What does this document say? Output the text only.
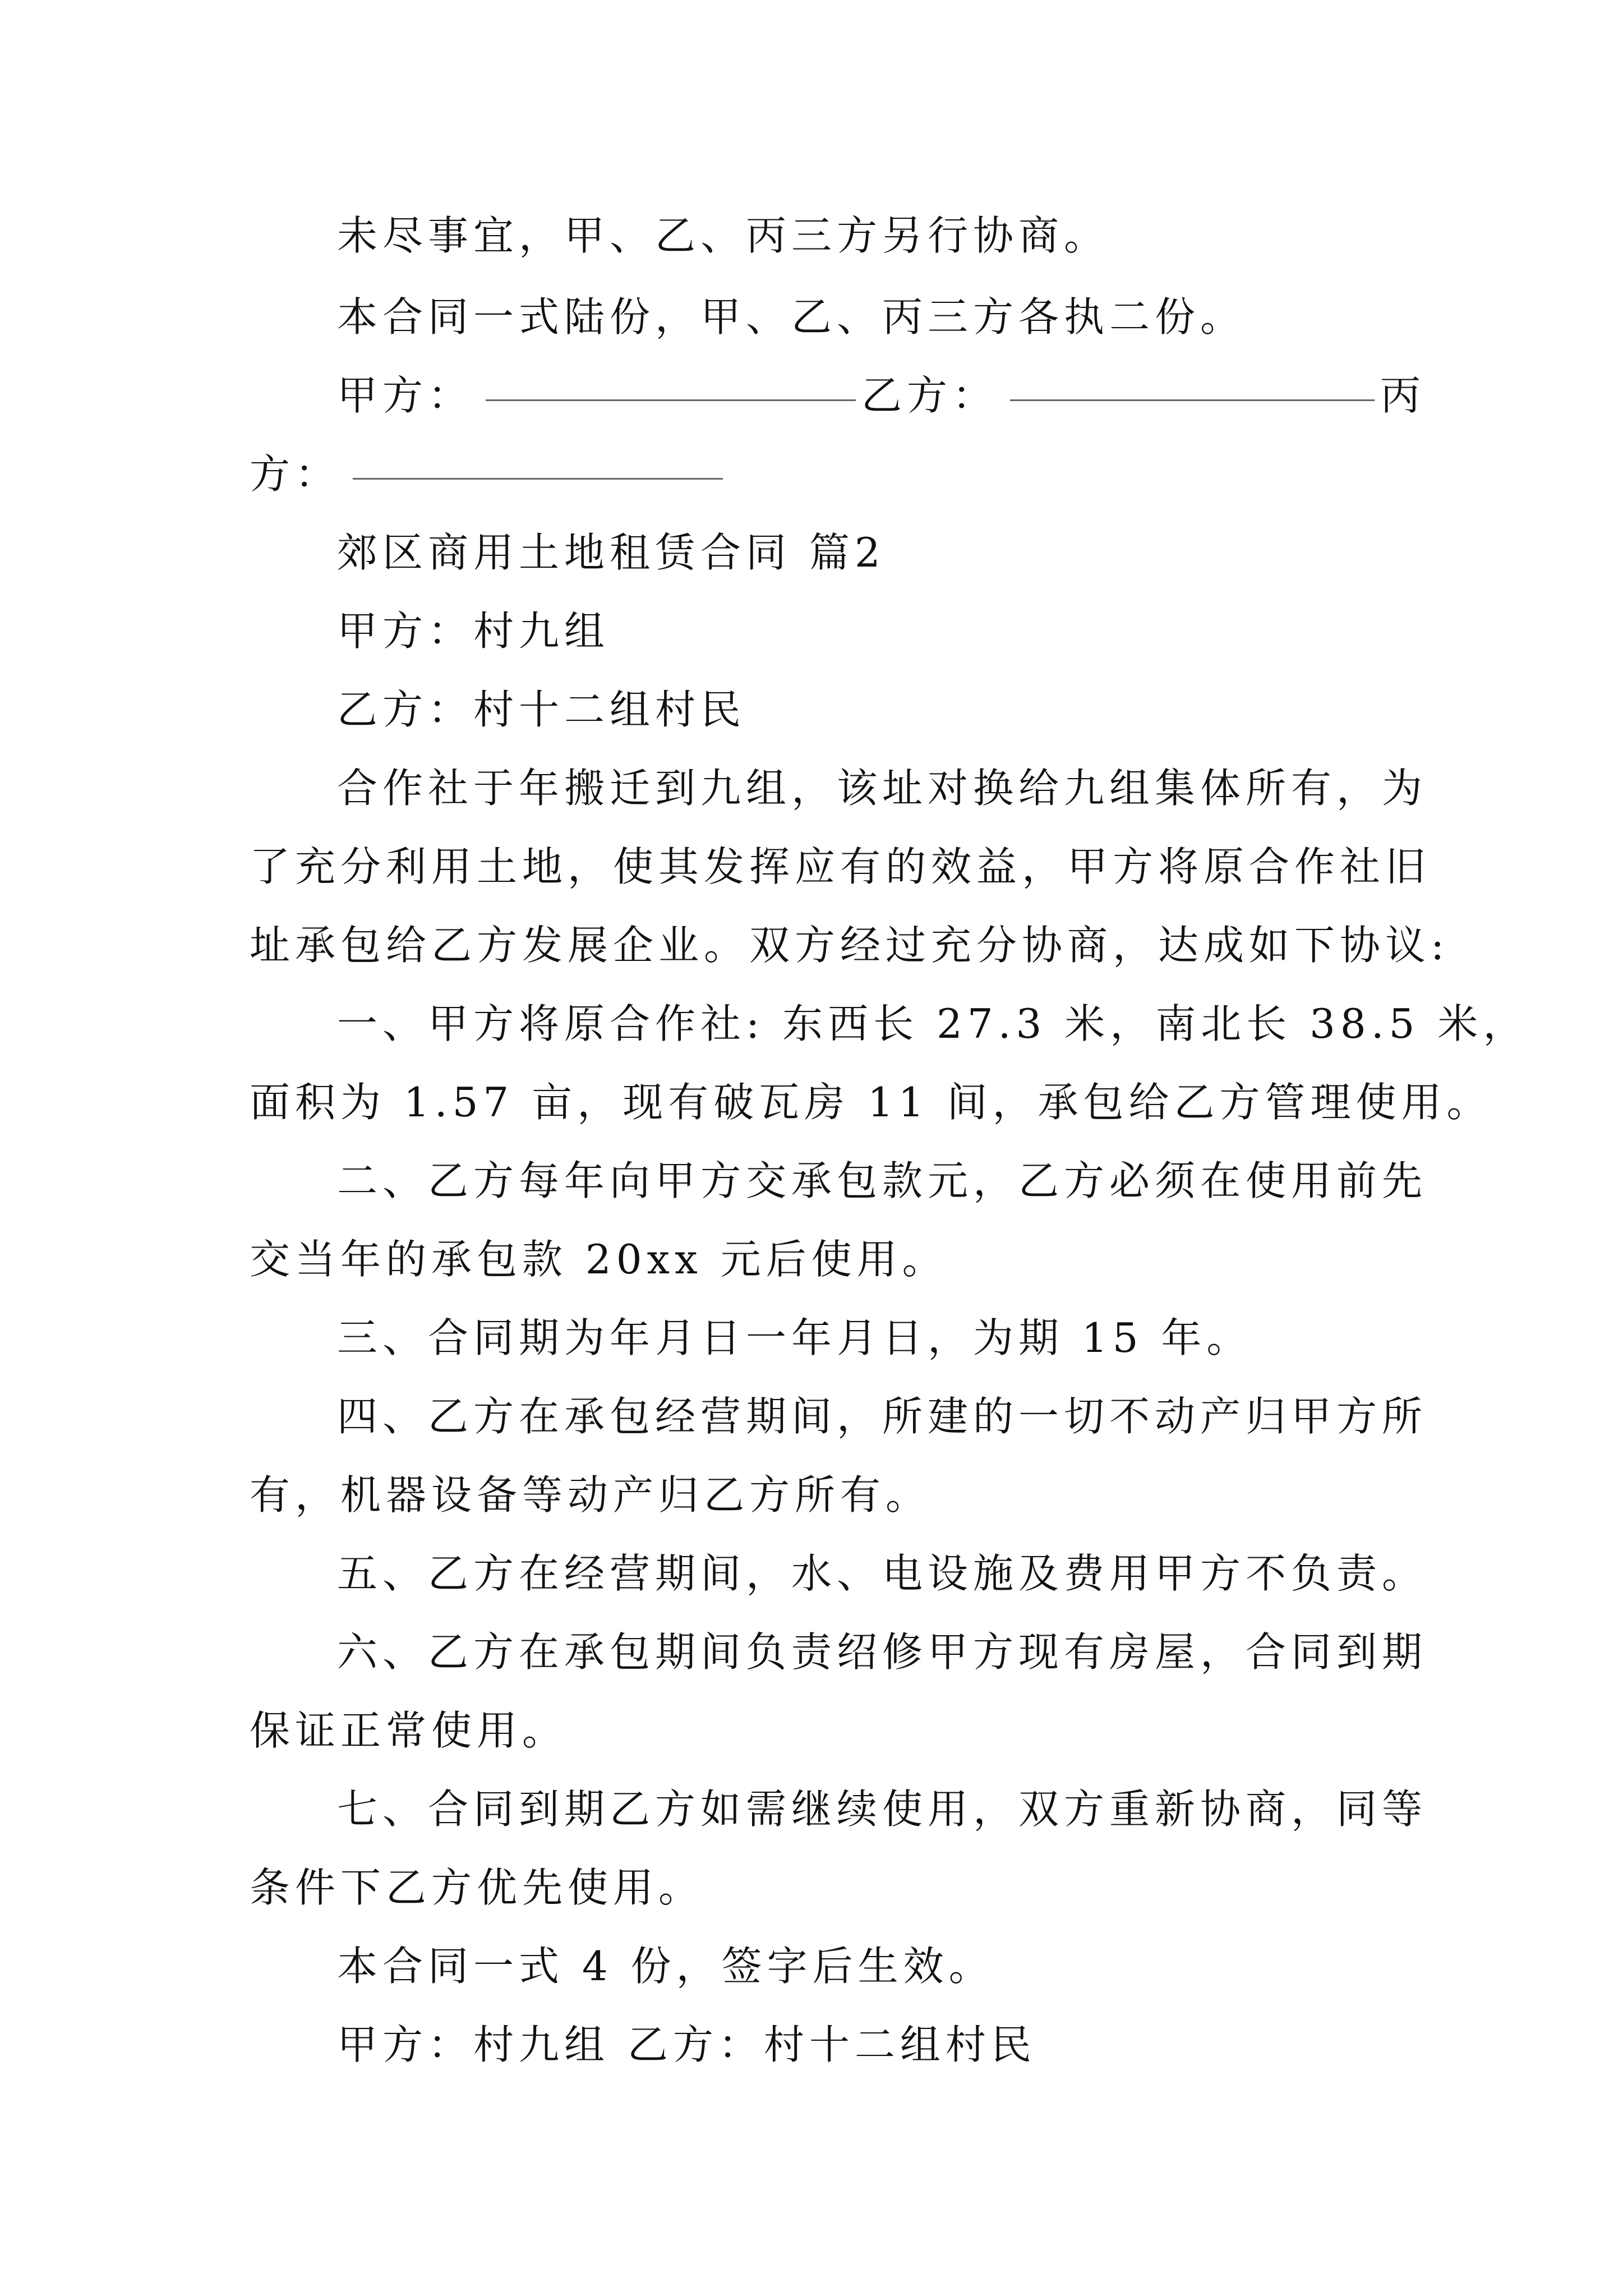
未尽事宜，甲、乙、丙三方另行协商。
本合同一式陆份，甲、乙、丙三方各执二份。
甲方：	乙方：	丙
方：
郊区商用土地租赁合同 篇2
甲方：村九组
乙方：村十二组村民
合作社于年搬迁到九组，该址对换给九组集体所有，为
了充分利用土地，使其发挥应有的效益，甲方将原合作社旧
址承包给乙方发展企业。双方经过充分协商，达成如下协议:
一、甲方将原合作社: 东西长 27.3 米，南北长 38.5 米，
面积为 1.57 亩，现有破瓦房 11 间，承包给乙方管理使用。
二、乙方每年向甲方交承包款元，乙方必须在使用前先
交当年的承包款 20xx 元后使用。
三、合同期为年月日一年月日，为期 15 年。
四、乙方在承包经营期间，所建的一切不动产归甲方所
有，机器设备等动产归乙方所有。
五、乙方在经营期间，水、电设施及费用甲方不负责。
六、乙方在承包期间负责绍修甲方现有房屋，合同到期
保证正常使用。
七、合同到期乙方如需继续使用，双方重新协商，同等
条件下乙方优先使用。
本合同一式 4 份，签字后生效。
甲方：村九组 乙方：村十二组村民
